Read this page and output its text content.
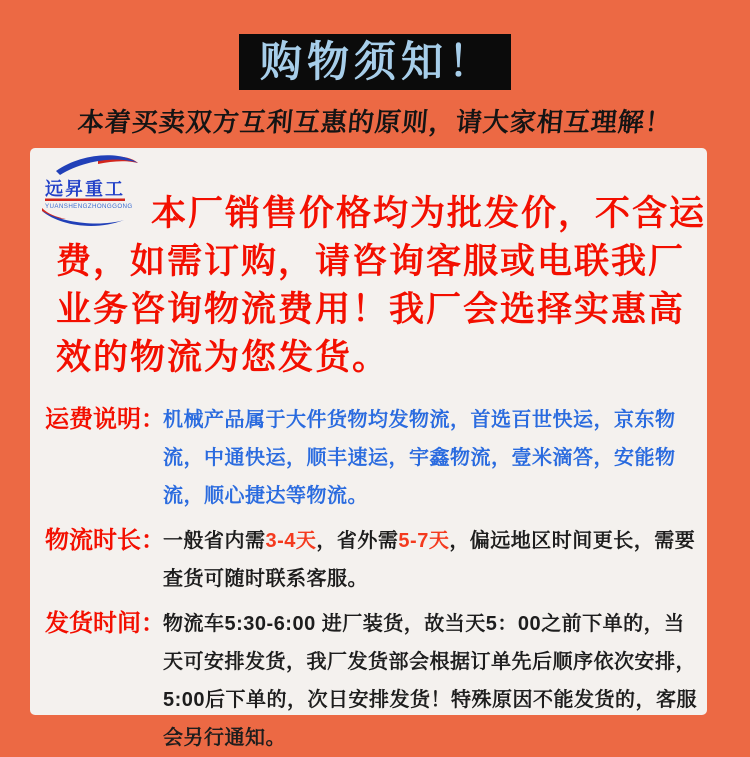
购物须知！
本着买卖双方互利互惠的原则，请大家相互理解！
远昇重工
YUANSHENGZHONGGONG 本厂销售价格均为批发价，不含运
费，如需订购，请咨询客服或电联我厂
业务咨询物流费用！我厂会选择实惠高
效的物流为您发货。
运费说明：
机械产品属于大件货物均发物流，首选百世快运，京东物流，中通快运，顺丰速运，宇鑫物流，壹米滴答，安能物流，顺心捷达等物流。
物流时长：
一般省内需3-4天，省外需5-7天，偏远地区时间更长，需要查货可随时联系客服。
发货时间：
物流车5:30-6:00 进厂装货，故当天5：00之前下单的，当天可安排发货，我厂发货部会根据订单先后顺序依次安排，5:00后下单的，次日安排发货！特殊原因不能发货的，客服会另行通知。
